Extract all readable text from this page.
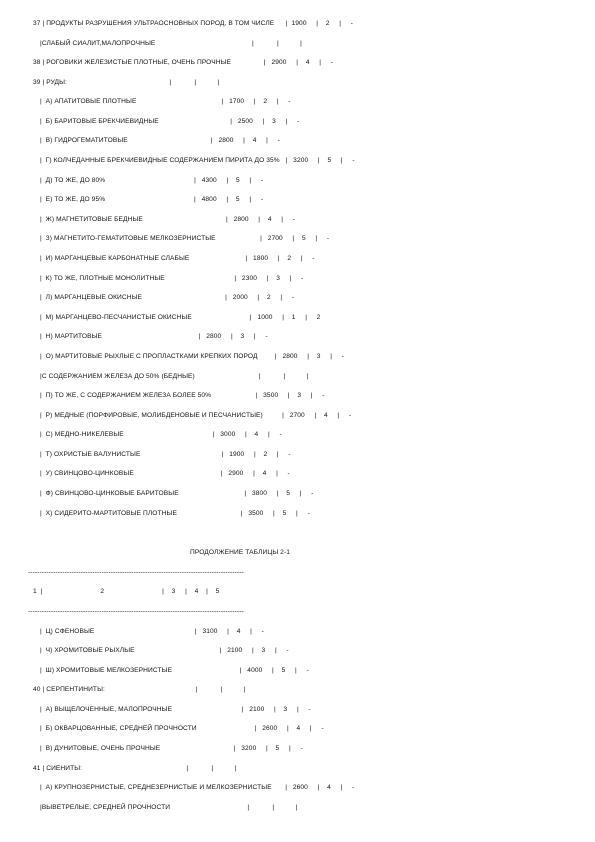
37 | ПРОДУКТЫ РАЗРУШЕНИЯ УЛЬТРАОСНОВНЫХ ПОРОД, В ТОМ ЧИСЛЕ      |  1900     |    2     |     -
|СЛАБЫЙ СИАЛИТ,МАЛОПРОЧНЫЕ                                                  |            |           |
38 | РОГОВИКИ ЖЕЛЕЗИСТЫЕ ПЛОТНЫЕ, ОЧЕНЬ ПРОЧНЫЕ                 |   2900     |    4     |     -
39 | РУДЫ:                                                     |            |           |
|  А) АПАТИТОВЫЕ ПЛОТНЫЕ                                            |   1700     |    2     |     -
|  Б) БАРИТОВЫЕ БРЕКЧИЕВИДНЫЕ                                     |   2500     |    3     |     -
|  В) ГИДРОГЕМАТИТОВЫЕ                                           |   2800     |    4     |     -
|  Г) КОЛЧЕДАННЫЕ БРЕКЧИЕВИДНЫЕ СОДЕРЖАНИЕМ ПИРИТА ДО 35%   |   3200     |    5     |     -
|  Д) ТО ЖЕ, ДО 80%                                              |   4300     |    5     |     -
|  Е) ТО ЖЕ, ДО 95%                                              |   4800     |    5     |     -
|  Ж) МАГНЕТИТОВЫЕ БЕДНЫЕ                                           |   2800     |    4     |     -
|  З) МАГНЕТИТО-ГЕМАТИТОВЫЕ МЕЛКОЗЕРНИСТЫЕ                       |   2700     |    5     |     -
|  И) МАРГАНЦЕВЫЕ КАРБОНАТНЫЕ СЛАБЫЕ                             |   1800     |    2     |     -
|  К) ТО ЖЕ, ПЛОТНЫЕ МОНОЛИТНЫЕ                                    |   2300     |    3     |     -
|  Л) МАРГАНЦЕВЫЕ ОКИСНЫЕ                                           |   2000     |    2     |     -
|  М) МАРГАНЦЕВО-ПЕСЧАНИСТЫЕ ОКИСНЫЕ                              |   1000     |    1     |     2
|  Н) МАРТИТОВЫЕ                                                  |   2800     |    3     |     -
|  О) МАРТИТОВЫЕ РЫХЛЫЕ С ПРОПЛАСТКАМИ КРЕПКИХ ПОРОД         |   2800     |    3     |     -
|С СОДЕРЖАНИЕМ ЖЕЛЕЗА ДО 50% (БЕДНЫЕ)                                 |            |           |
|  П) ТО ЖЕ, С СОДЕРЖАНИЕМ ЖЕЛЕЗА БОЛЕЕ 50%                       |   3500     |    3     |     -
|  Р) МЕДНЫЕ (ПОРФИРОВЫЕ, МОЛИБДЕНОВЫЕ И ПЕСЧАНИСТЫЕ)          |   2700     |    4     |     -
|  С) МЕДНО-НИКЕЛЕВЫЕ                                              |   3000     |    4     |     -
|  Т) ОХРИСТЫЕ ВАЛУНИСТЫЕ                                          |   1900     |    2     |     -
|  У) СВИНЦОВО-ЦИНКОВЫЕ                                             |   2900     |    4     |     -
|  Ф) СВИНЦОВО-ЦИНКОВЫЕ БАРИТОВЫЕ                                  |   3800     |    5     |     -
|  Х) СИДЕРИТО-МАРТИТОВЫЕ ПЛОТНЫЕ                                 |   3500     |    5     |     -
ПРОДОЛЖЕНИЕ ТАБЛИЦЫ 2-1
----------------------------------------------------------------------------------------------
1  |                              2                              |    3     |    4    |    5
----------------------------------------------------------------------------------------------
|  Ц) СФЕНОВЫЕ                                                    |   3100     |    4     |     -
|  Ч) ХРОМИТОВЫЕ РЫХЛЫЕ                                            |   2100     |    3     |     -
|  Ш) ХРОМИТОВЫЕ МЕЛКОЗЕРНИСТЫЕ                                   |   4000     |    5     |     -
40 | СЕРПЕНТИНИТЫ:                                               |            |           |
|  А) ВЫЩЕЛОЧЕННЫЕ, МАЛОПРОЧНЫЕ                                    |   2100     |    3     |     -
|  Б) ОКВАРЦОВАННЫЕ, СРЕДНЕЙ ПРОЧНОСТИ                              |   2600     |    4     |     -
|  В) ДУНИТОВЫЕ, ОЧЕНЬ ПРОЧНЫЕ                                      |   3200     |    5     |     -
41 | СИЕНИТЫ:                                                      |            |           |
|  А) КРУПНОЗЕРНИСТЫЕ, СРЕДНЕЗЕРНИСТЫЕ И МЕЛКОЗЕРНИСТЫЕ       |   2600     |    4     |     -
|ВЫВЕТРЕЛЫЕ, СРЕДНЕЙ ПРОЧНОСТИ                                        |            |           |
